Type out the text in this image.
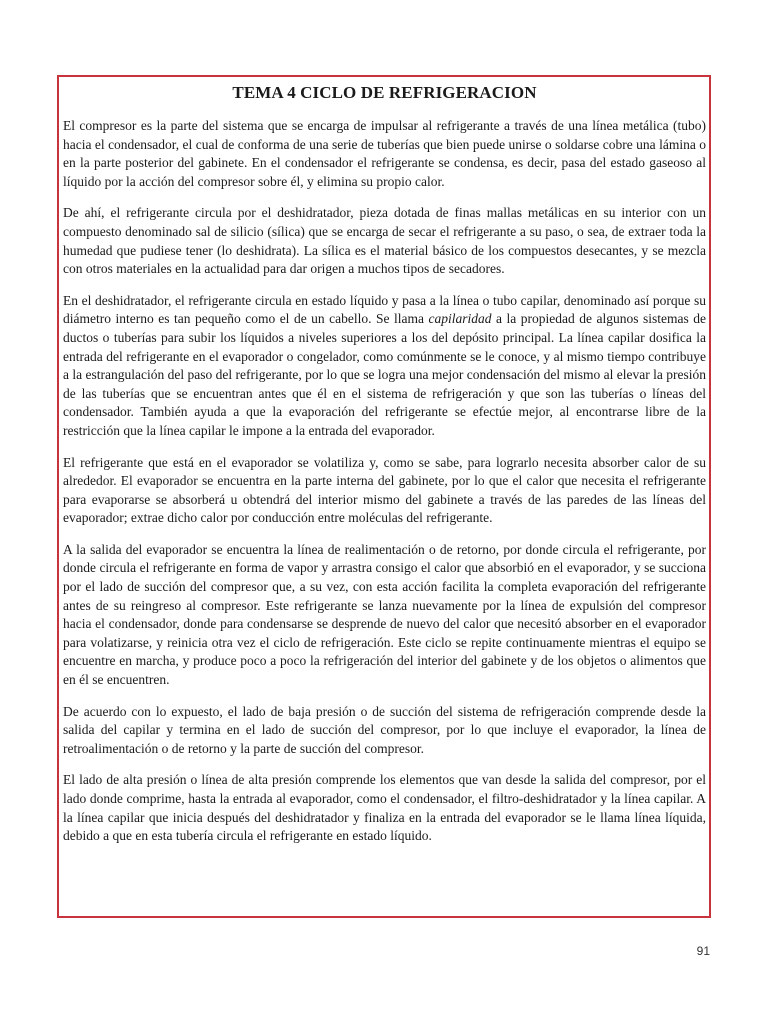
TEMA 4 CICLO DE REFRIGERACION

El compresor es la parte del sistema que se encarga de impulsar al refrigerante a través de una línea metálica (tubo) hacia el condensador, el cual de conforma de una serie de tuberías que bien puede unirse o soldarse cobre una lámina o en la parte posterior del gabinete. En el condensador el refrigerante se condensa, es decir, pasa del estado gaseoso al líquido por la acción del compresor sobre él, y elimina su propio calor.

De ahí, el refrigerante circula por el deshidratador, pieza dotada de finas mallas metálicas en su interior con un compuesto denominado sal de silicio (sílica) que se encarga de secar el refrigerante a su paso, o sea, de extraer toda la humedad que pudiese tener (lo deshidrata). La sílica es el material básico de los compuestos desecantes, y se mezcla con otros materiales en la actualidad para dar origen a muchos tipos de secadores.

En el deshidratador, el refrigerante circula en estado líquido y pasa a la línea o tubo capilar, denominado así porque su diámetro interno es tan pequeño como el de un cabello. Se llama capilaridad a la propiedad de algunos sistemas de ductos o tuberías para subir los líquidos a niveles superiores a los del depósito principal. La línea capilar dosifica la entrada del refrigerante en el evaporador o congelador, como comúnmente se le conoce, y al mismo tiempo contribuye a la estrangulación del paso del refrigerante, por lo que se logra una mejor condensación del mismo al elevar la presión de las tuberías que se encuentran antes que él en el sistema de refrigeración y que son las tuberías o líneas del condensador. También ayuda a que la evaporación del refrigerante se efectúe mejor, al encontrarse libre de la restricción que la línea capilar le impone a la entrada del evaporador.

El refrigerante que está en el evaporador se volatiliza y, como se sabe, para lograrlo necesita absorber calor de su alrededor. El evaporador se encuentra en la parte interna del gabinete, por lo que el calor que necesita el refrigerante para evaporarse se absorberá u obtendrá del interior mismo del gabinete a través de las paredes de las líneas del evaporador; extrae dicho calor por conducción entre moléculas del refrigerante.

A la salida del evaporador se encuentra la línea de realimentación o de retorno, por donde circula el refrigerante, por donde circula el refrigerante en forma de vapor y arrastra consigo el calor que absorbió en el evaporador, y se succiona por el lado de succión del compresor que, a su vez, con esta acción facilita la completa evaporación del refrigerante antes de su reingreso al compresor. Este refrigerante se lanza nuevamente por la línea de expulsión del compresor hacia el condensador, donde para condensarse se desprende de nuevo del calor que necesitó absorber en el evaporador para volatizarse, y reinicia otra vez el ciclo de refrigeración. Este ciclo se repite continuamente mientras el equipo se encuentre en marcha, y produce poco a poco la refrigeración del interior del gabinete y de los objetos o alimentos que en él se encuentren.

De acuerdo con lo expuesto, el lado de baja presión o de succión del sistema de refrigeración comprende desde la salida del capilar y termina en el lado de succión del compresor, por lo que incluye el evaporador, la línea de retroalimentación o de retorno y la parte de succión del compresor.

El lado de alta presión o línea de alta presión comprende los elementos que van desde la salida del compresor, por el lado donde comprime, hasta la entrada al evaporador, como el condensador, el filtro-deshidratador y la línea capilar. A la línea capilar que inicia después del deshidratador y finaliza en la entrada del evaporador se le llama línea líquida, debido a que en esta tubería circula el refrigerante en estado líquido.

91
